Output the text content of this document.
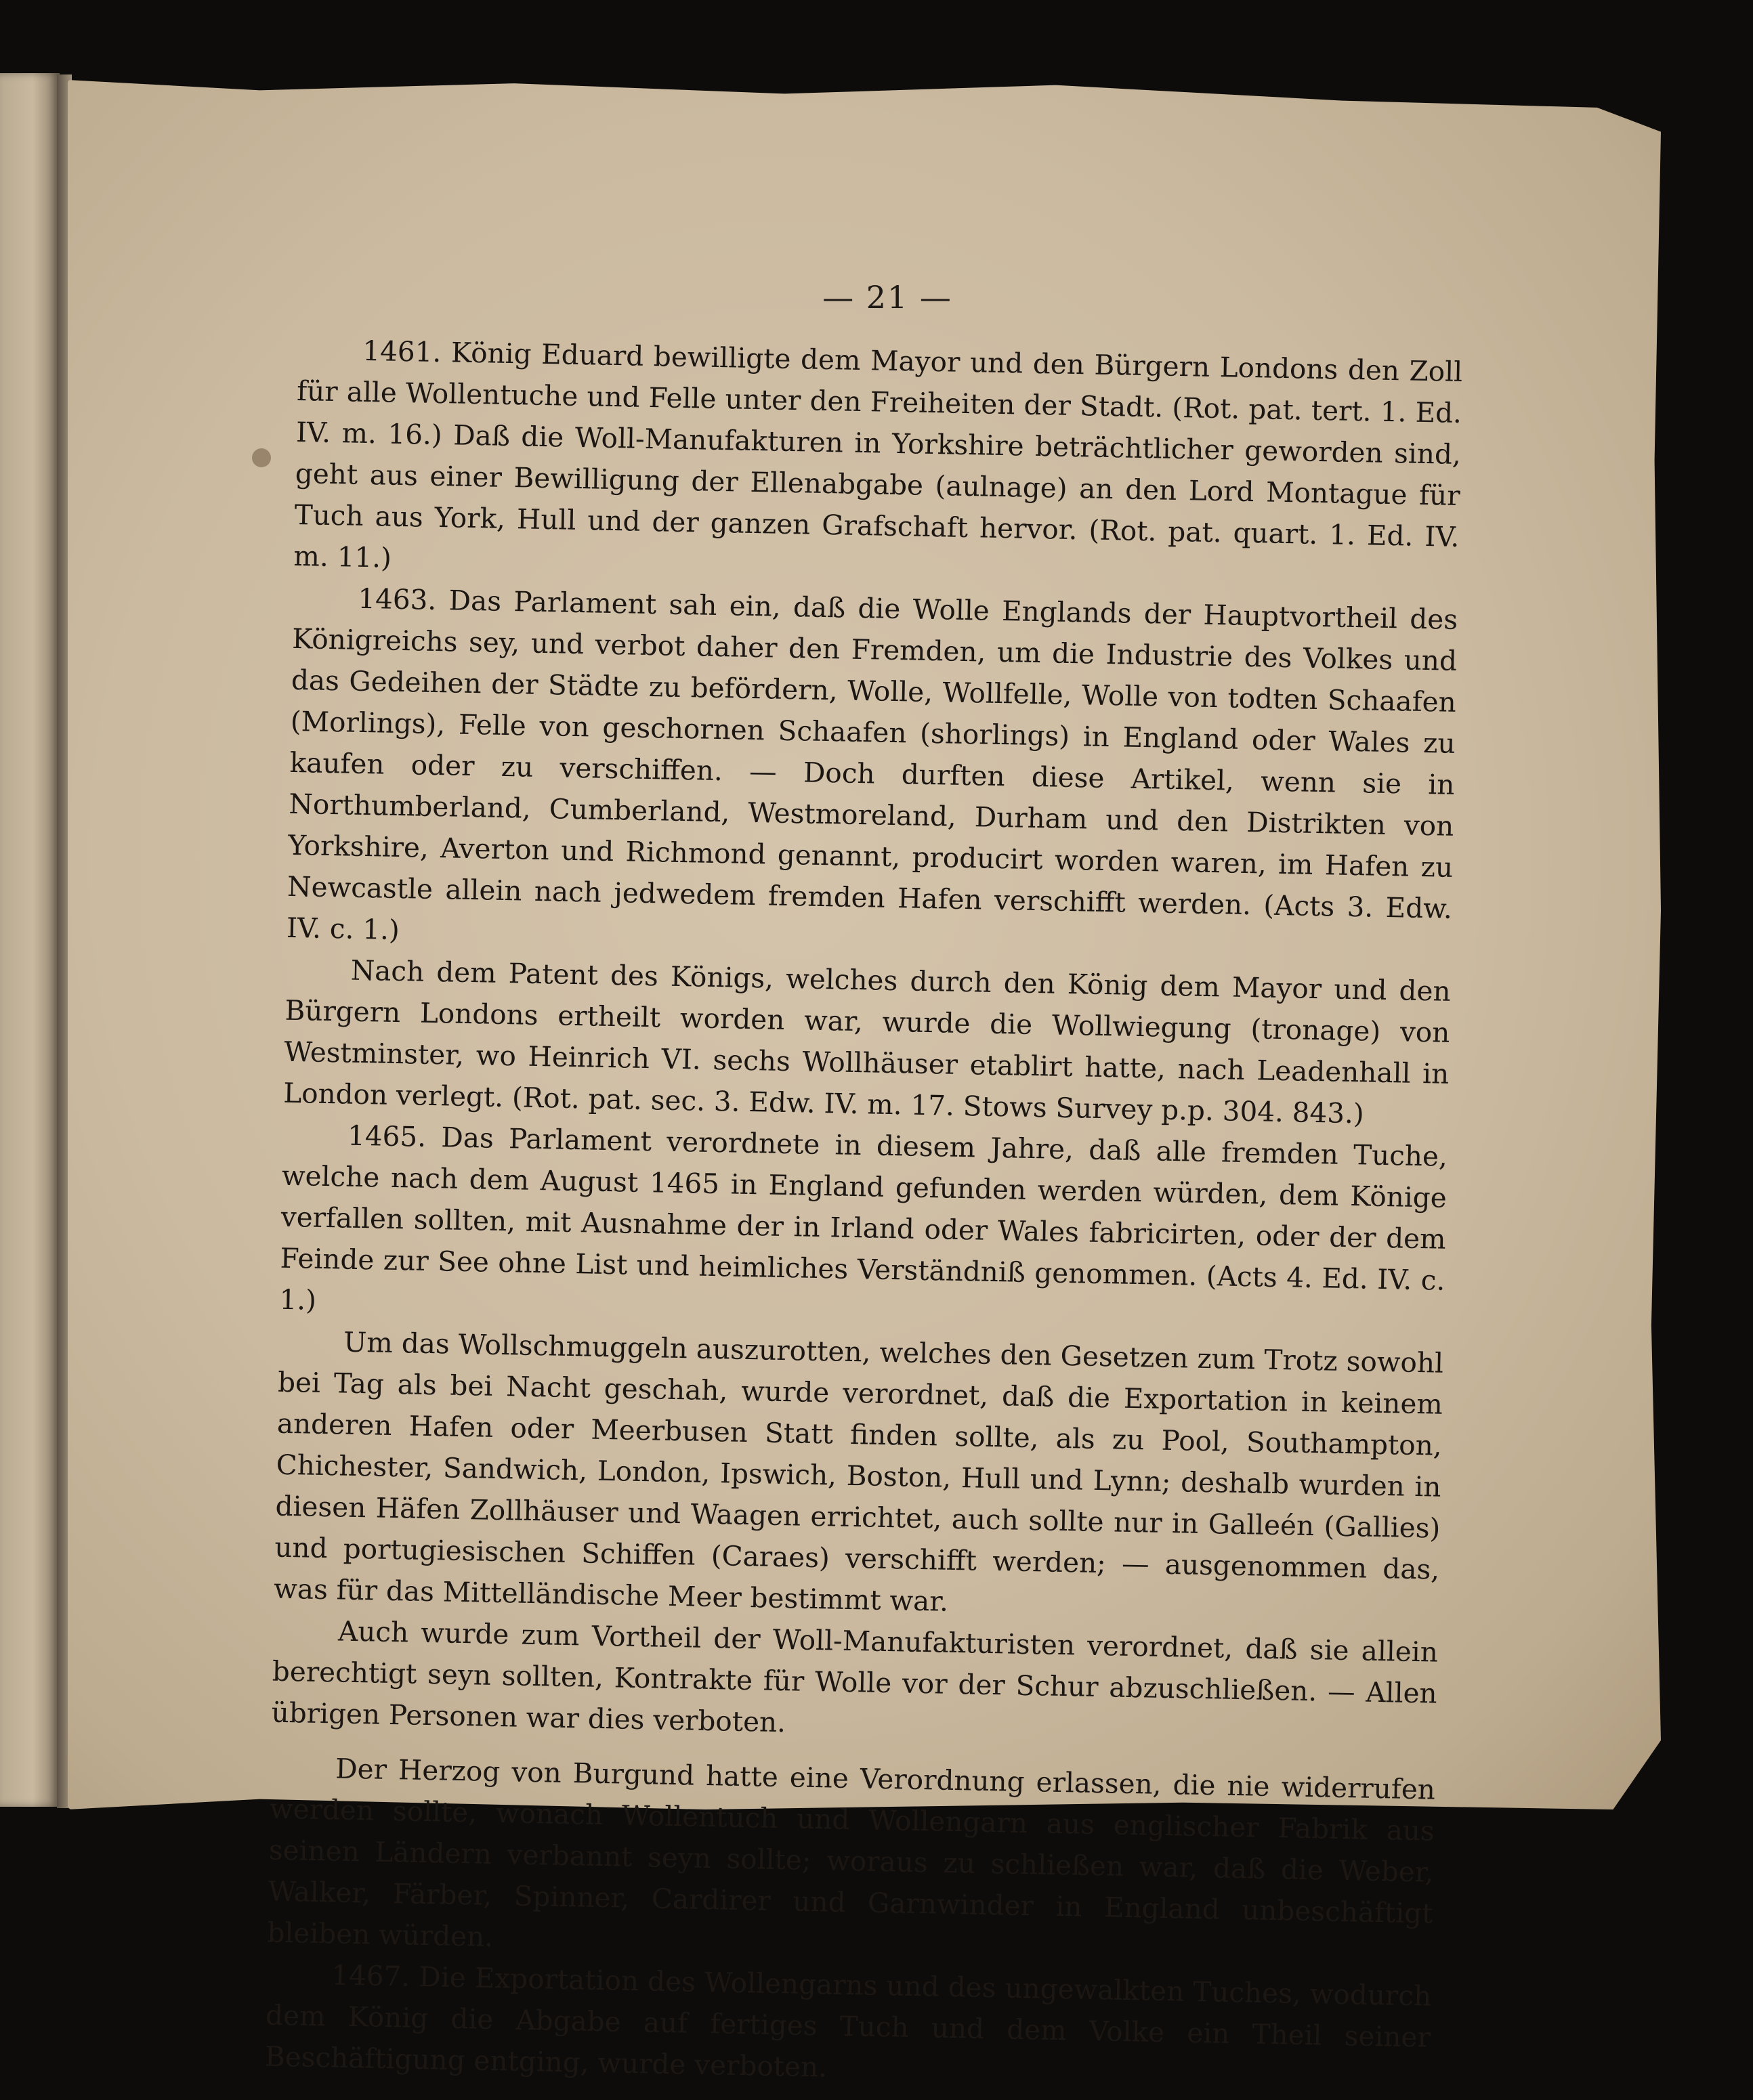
— 21 —

1461. König Eduard bewilligte dem Mayor und den Bürgern Londons den Zoll für alle Wollentuche und Felle unter den Freiheiten der Stadt. (Rot. pat. tert. 1. Ed. IV. m. 16.) Daß die Woll-Manufakturen in Yorkshire beträchtlicher geworden sind, geht aus einer Bewilligung der Ellenabgabe (aulnage) an den Lord Montague für Tuch aus York, Hull und der ganzen Grafschaft hervor. (Rot. pat. quart. 1. Ed. IV. m. 11.)

1463. Das Parlament sah ein, daß die Wolle Englands der Hauptvortheil des Königreichs sey, und verbot daher den Fremden, um die Industrie des Volkes und das Gedeihen der Städte zu befördern, Wolle, Wollfelle, Wolle von todten Schaafen (Morlings), Felle von geschornen Schaafen (shorlings) in England oder Wales zu kaufen oder zu verschiffen. — Doch durften diese Artikel, wenn sie in Northumberland, Cumberland, Westmoreland, Durham und den Distrikten von Yorkshire, Averton und Richmond genannt, producirt worden waren, im Hafen zu Newcastle allein nach jedwedem fremden Hafen verschifft werden. (Acts 3. Edw. IV. c. 1.)

Nach dem Patent des Königs, welches durch den König dem Mayor und den Bürgern Londons ertheilt worden war, wurde die Wollwiegung (tronage) von Westminster, wo Heinrich VI. sechs Wollhäuser etablirt hatte, nach Leadenhall in London verlegt. (Rot. pat. sec. 3. Edw. IV. m. 17. Stows Survey p.p. 304. 843.)

1465. Das Parlament verordnete in diesem Jahre, daß alle fremden Tuche, welche nach dem August 1465 in England gefunden werden würden, dem Könige verfallen sollten, mit Ausnahme der in Irland oder Wales fabricirten, oder der dem Feinde zur See ohne List und heimliches Verständniß genommen. (Acts 4. Ed. IV. c. 1.)

Um das Wollschmuggeln auszurotten, welches den Gesetzen zum Trotz sowohl bei Tag als bei Nacht geschah, wurde verordnet, daß die Exportation in keinem anderen Hafen oder Meerbusen Statt finden sollte, als zu Pool, Southampton, Chichester, Sandwich, London, Ipswich, Boston, Hull und Lynn; deshalb wurden in diesen Häfen Zollhäuser und Waagen errichtet, auch sollte nur in Galleén (Gallies) und portugiesischen Schiffen (Caraes) verschifft werden; — ausgenommen das, was für das Mittelländische Meer bestimmt war.

Auch wurde zum Vortheil der Woll-Manufakturisten verordnet, daß sie allein berechtigt seyn sollten, Kontrakte für Wolle vor der Schur abzuschließen. — Allen übrigen Personen war dies verboten.

Der Herzog von Burgund hatte eine Verordnung erlassen, die nie widerrufen werden sollte, wonach Wollentuch und Wollengarn aus englischer Fabrik aus seinen Ländern verbannt seyn sollte; woraus zu schließen war, daß die Weber, Walker, Färber, Spinner, Cardirer und Garnwinder in England unbeschäftigt bleiben würden.

1467. Die Exportation des Wollengarns und des ungewalkten Tuches, wodurch dem König die Abgabe auf fertiges Tuch und dem Volke ein Theil seiner Beschäftigung entging, wurde verboten.
